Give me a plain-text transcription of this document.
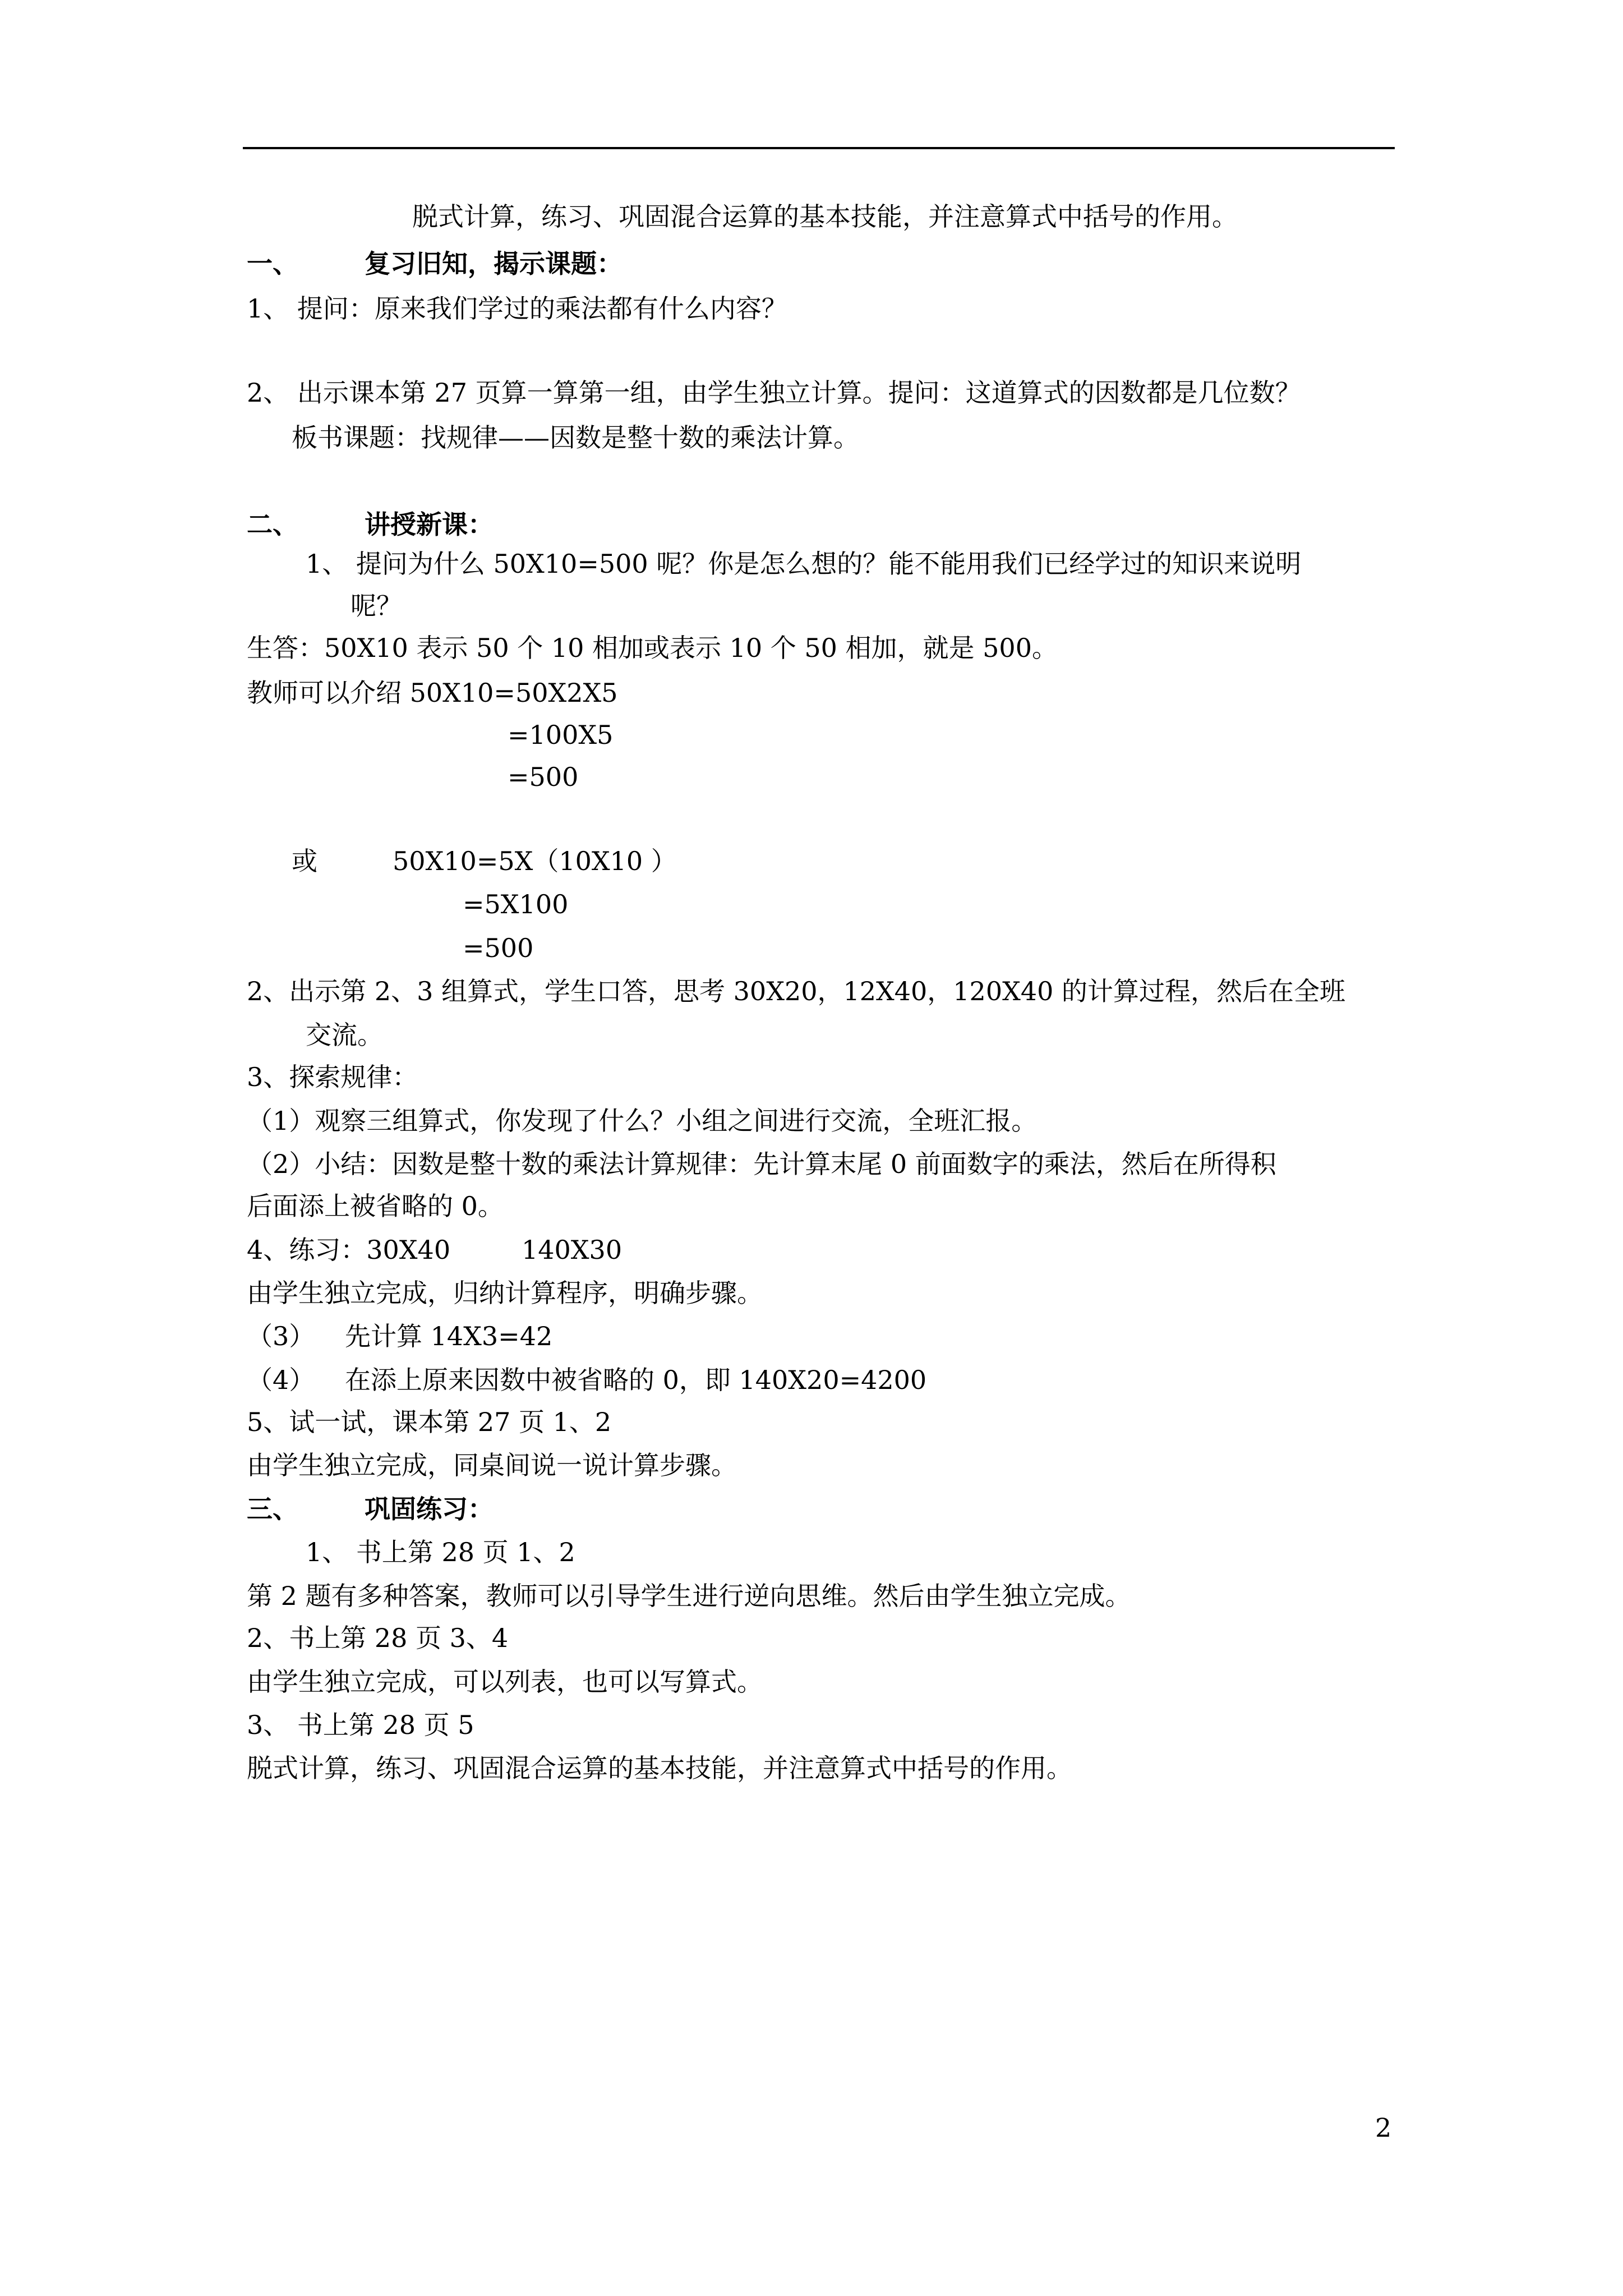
脱式计算，练习、巩固混合运算的基本技能，并注意算式中括号的作用。
一、	复习旧知，揭示课题：
1、 提问：原来我们学过的乘法都有什么内容？
2、 出示课本第 27 页算一算第一组，由学生独立计算。提问：这道算式的因数都是几位数？
板书课题：找规律——因数是整十数的乘法计算。
二、	讲授新课：
1、 提问为什么 50X10=500 呢？你是怎么想的？能不能用我们已经学过的知识来说明
呢？
生答：50X10 表示 50 个 10 相加或表示 10 个 50 相加，就是 500。
教师可以介绍 50X10=50X2X5
=100X5
=500
或	50X10=5X（10X10 ）
=5X100
=500
2、出示第 2、3 组算式，学生口答，思考 30X20，12X40，120X40 的计算过程，然后在全班
交流。
3、探索规律：
（1）观察三组算式，你发现了什么？小组之间进行交流，全班汇报。
（2）小结：因数是整十数的乘法计算规律：先计算末尾 0 前面数字的乘法，然后在所得积
后面添上被省略的 0。
4、练习：30X40	140X30
由学生独立完成，归纳计算程序，明确步骤。
（3） 先计算 14X3=42
（4） 在添上原来因数中被省略的 0，即 140X20=4200
5、试一试，课本第 27 页 1、2
由学生独立完成，同桌间说一说计算步骤。
三、	巩固练习：
1、 书上第 28 页 1、2
第 2 题有多种答案，教师可以引导学生进行逆向思维。然后由学生独立完成。
2、书上第 28 页 3、4
由学生独立完成，可以列表，也可以写算式。
3、 书上第 28 页 5
脱式计算，练习、巩固混合运算的基本技能，并注意算式中括号的作用。
2
